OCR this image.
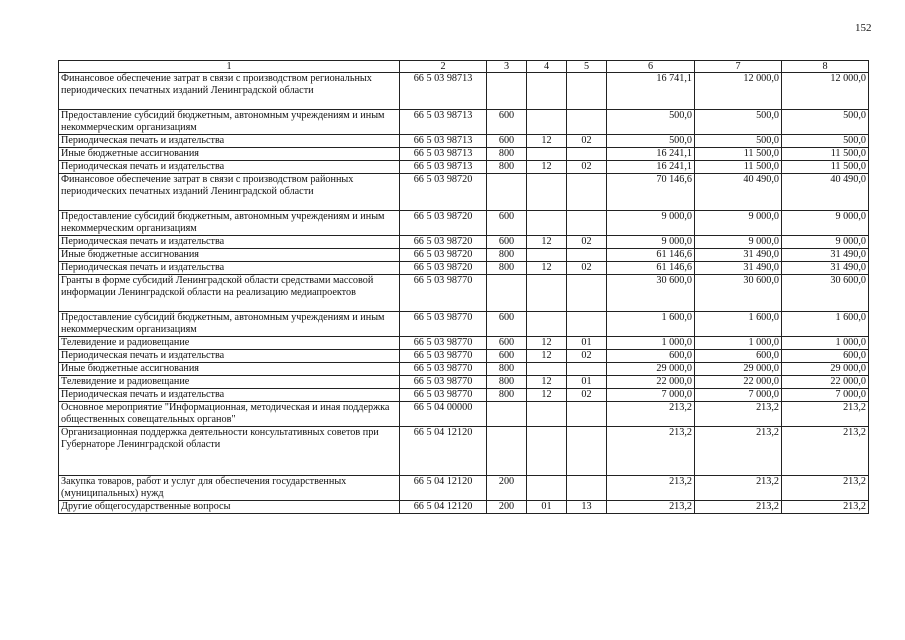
152
1	2	3	4	5	6	7	8
Финансовое обеспечение затрат в связи с производством региональных периодических печатных изданий Ленинградской области	66 5 03 98713				16 741,1	12 000,0	12 000,0
Предоставление субсидий бюджетным, автономным учреждениям и иным некоммерческим организациям	66 5 03 98713	600			500,0	500,0	500,0
Периодическая печать и издательства	66 5 03 98713	600	12	02	500,0	500,0	500,0
Иные бюджетные ассигнования	66 5 03 98713	800			16 241,1	11 500,0	11 500,0
Периодическая печать и издательства	66 5 03 98713	800	12	02	16 241,1	11 500,0	11 500,0
Финансовое обеспечение затрат в связи с производством районных периодических печатных изданий Ленинградской области	66 5 03 98720				70 146,6	40 490,0	40 490,0
Предоставление субсидий бюджетным, автономным учреждениям и иным некоммерческим организациям	66 5 03 98720	600			9 000,0	9 000,0	9 000,0
Периодическая печать и издательства	66 5 03 98720	600	12	02	9 000,0	9 000,0	9 000,0
Иные бюджетные ассигнования	66 5 03 98720	800			61 146,6	31 490,0	31 490,0
Периодическая печать и издательства	66 5 03 98720	800	12	02	61 146,6	31 490,0	31 490,0
Гранты в форме субсидий Ленинградской области средствами массовой информации Ленинградской области на реализацию медиапроектов	66 5 03 98770				30 600,0	30 600,0	30 600,0
Предоставление субсидий бюджетным, автономным учреждениям и иным некоммерческим организациям	66 5 03 98770	600			1 600,0	1 600,0	1 600,0
Телевидение и радиовещание	66 5 03 98770	600	12	01	1 000,0	1 000,0	1 000,0
Периодическая печать и издательства	66 5 03 98770	600	12	02	600,0	600,0	600,0
Иные бюджетные ассигнования	66 5 03 98770	800			29 000,0	29 000,0	29 000,0
Телевидение и радиовещание	66 5 03 98770	800	12	01	22 000,0	22 000,0	22 000,0
Периодическая печать и издательства	66 5 03 98770	800	12	02	7 000,0	7 000,0	7 000,0
Основное мероприятие "Информационная, методическая и иная поддержка общественных совещательных органов"	66 5 04 00000				213,2	213,2	213,2
Организационная поддержка деятельности консультативных советов при Губернаторе Ленинградской области	66 5 04 12120				213,2	213,2	213,2
Закупка товаров, работ и услуг для обеспечения государственных (муниципальных) нужд	66 5 04 12120	200			213,2	213,2	213,2
Другие общегосударственные вопросы	66 5 04 12120	200	01	13	213,2	213,2	213,2
